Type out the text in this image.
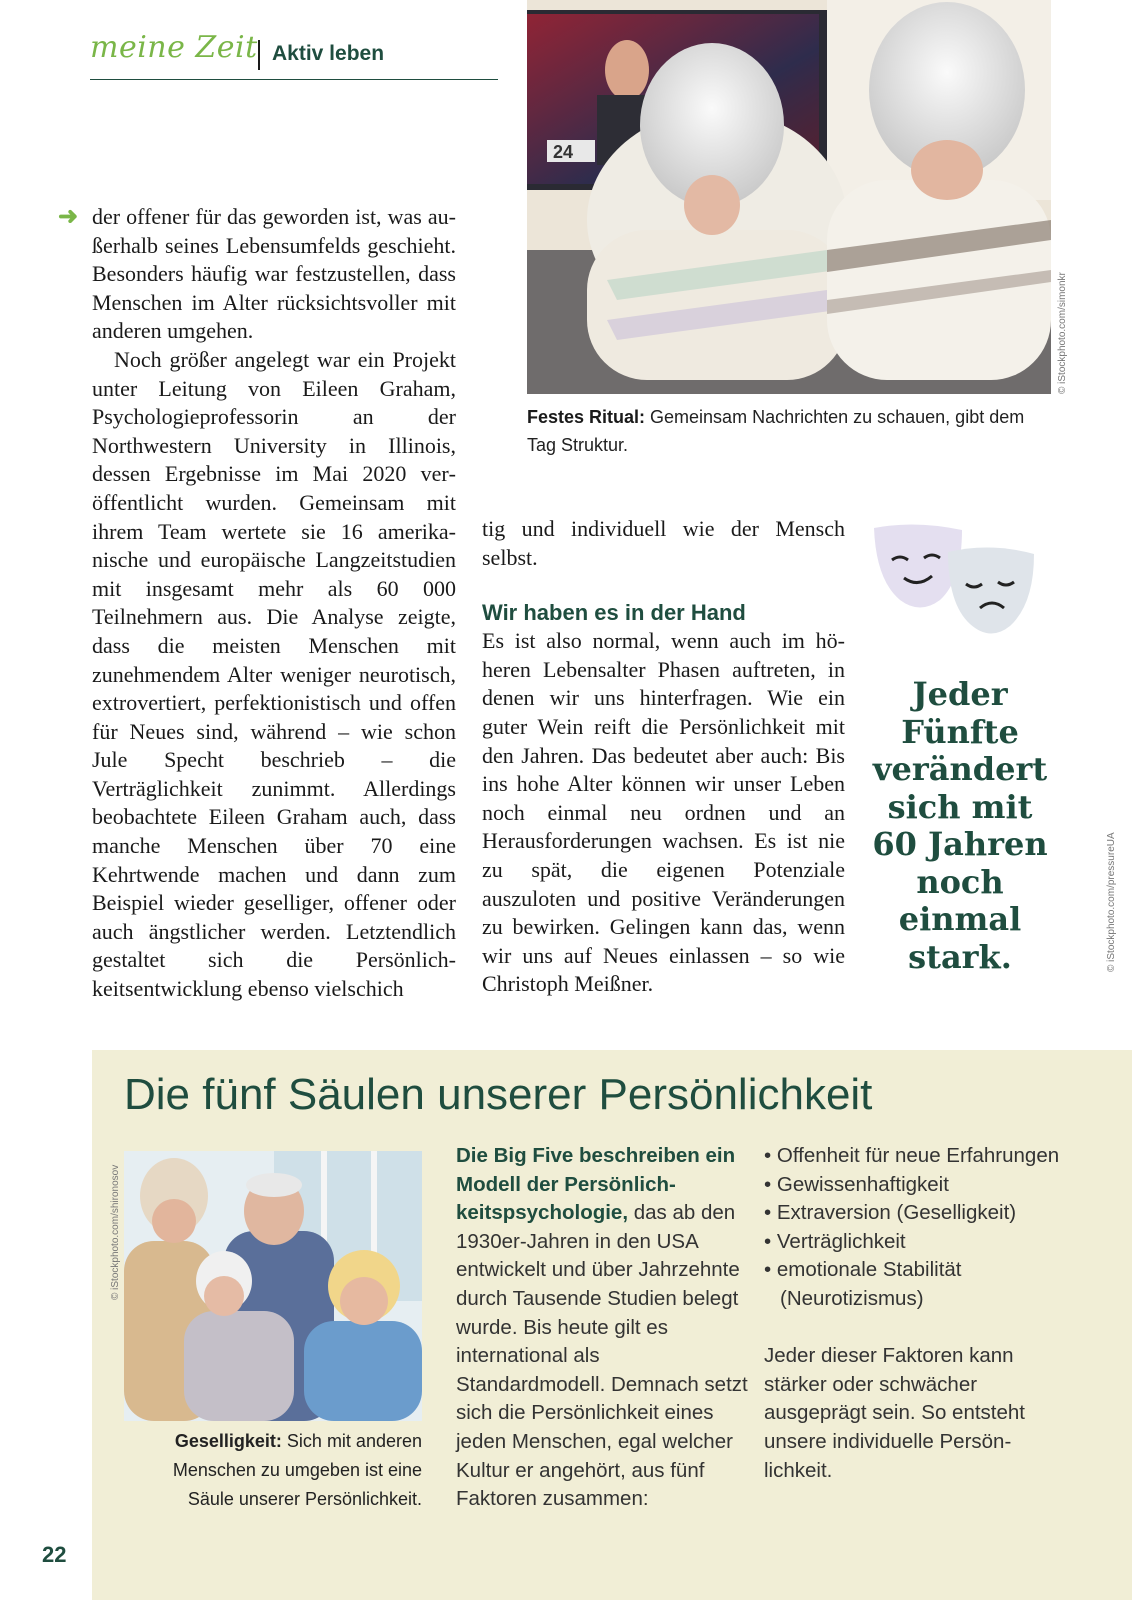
meine Zeit Aktiv leben
24
© iStockphoto.com/simonkr
Festes Ritual: Gemeinsam Nachrichten zu schauen, gibt dem Tag Struktur.
➜ der offener für das geworden ist, was außerhalb seines Lebensumfelds geschieht. Besonders häufig war festzustellen, dass Menschen im Alter rücksichtsvoller mit anderen umgehen.

Noch größer angelegt war ein Projekt unter Leitung von Eileen Graham, Psychologieprofessorin an der Northwestern University in Illinois, dessen Ergebnisse im Mai 2020 veröffentlicht wurden. Gemeinsam mit ihrem Team wertete sie 16 amerikanische und europäische Langzeitstudien mit insgesamt mehr als 60 000 Teilnehmern aus. Die Analyse zeigte, dass die meisten Menschen mit zunehmendem Alter weniger neurotisch, extrovertiert, perfektionistisch und offen für Neues sind, während – wie schon Jule Specht beschrieb – die Verträglichkeit zunimmt. Allerdings beobachtete Eileen Graham auch, dass manche Menschen über 70 eine Kehrtwende machen und dann zum Beispiel wieder geselliger, offener oder auch ängstlicher werden. Letztendlich gestaltet sich die Persönlichkeitsentwicklung ebenso vielschich

tig und individuell wie der Mensch selbst.

Wir haben es in der Hand

Es ist also normal, wenn auch im höheren Lebensalter Phasen auftreten, in denen wir uns hinterfragen. Wie ein guter Wein reift die Persönlichkeit mit den Jahren. Das bedeutet aber auch: Bis ins hohe Alter können wir unser Leben noch einmal neu ordnen und an Herausforderungen wachsen. Es ist nie zu spät, die eigenen Potenziale auszuloten und positive Veränderungen zu bewirken. Gelingen kann das, wenn wir uns auf Neues einlassen – so wie Christoph Meißner.

Jeder Fünfte verändert sich mit 60 Jahren noch einmal stark.	© iStockphoto.com/pressureUA
Die fünf Säulen unserer Persönlichkeit
© iStockphoto.com/shironosov
Geselligkeit: Sich mit anderen Menschen zu umgeben ist eine Säule unserer Persönlichkeit.
Die Big Five beschreiben ein Modell der Persönlichkeitspsychologie, das ab den 1930er-Jahren in den USA entwickelt und über Jahrzehnte durch Tausende Studien belegt wurde. Bis heute gilt es international als Standardmodell. Demnach setzt sich die Persönlichkeit eines jeden Menschen, egal welcher Kultur er angehört, aus fünf Faktoren zusammen:
• Offenheit für neue Erfahrungen
• Gewissenhaftigkeit
• Extraversion (Geselligkeit)
• Verträglichkeit
• emotionale Stabilität (Neurotizismus)

Jeder dieser Faktoren kann stärker oder schwächer ausgeprägt sein. So entsteht unsere individuelle Persönlichkeit.

22
